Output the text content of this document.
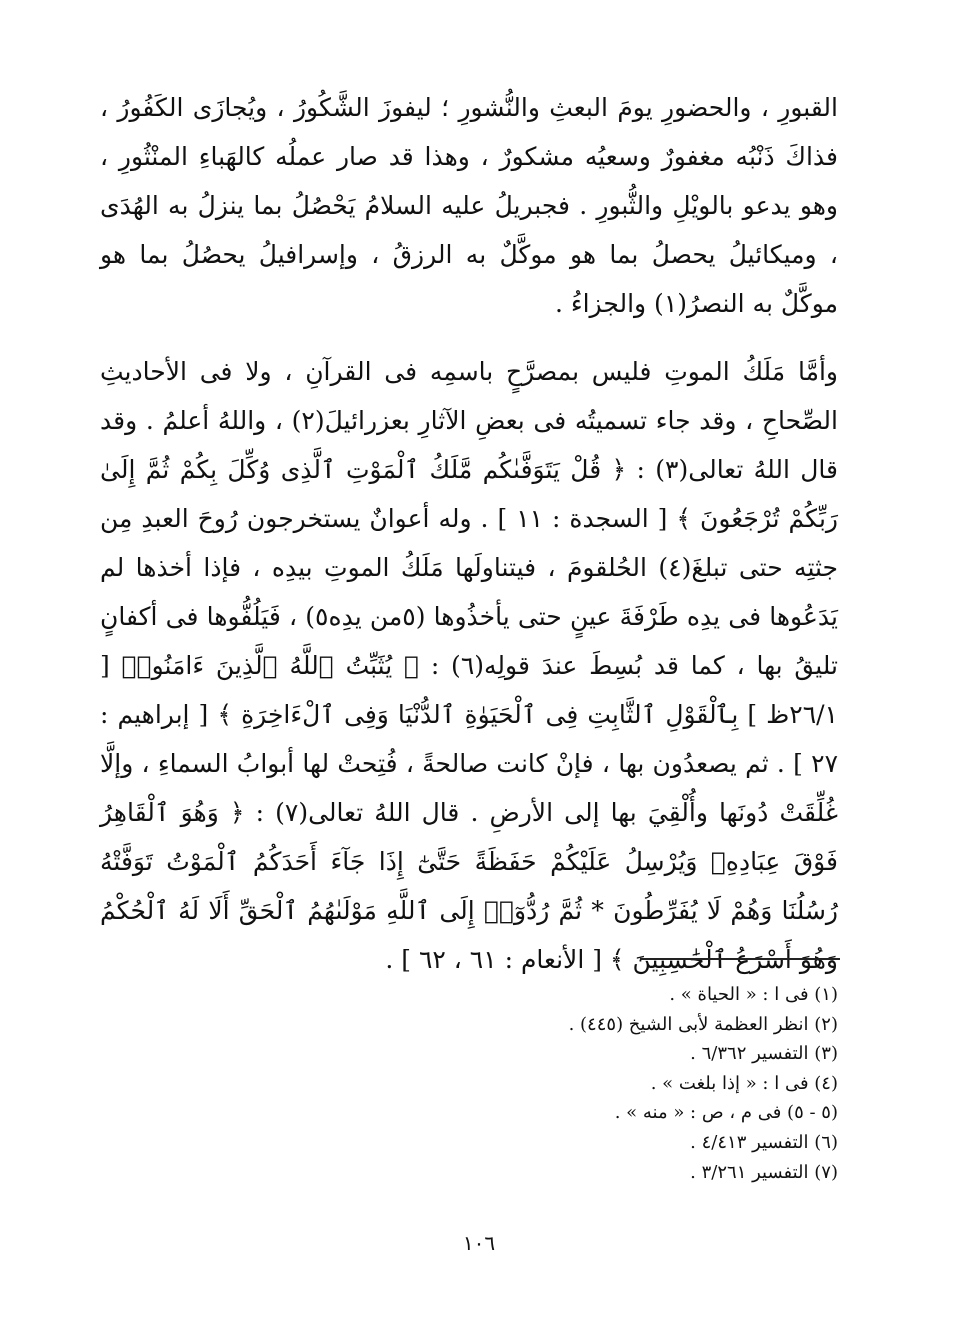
القبورِ ، والحضورِ يومَ البعثِ والنُّشورِ ؛ ليفوزَ الشَّكُورُ ، ويُجازَى الكَفُورُ ، فذاكَ ذَنْبُه مغفورٌ وسعيُه مشكورٌ ، وهذا قد صار عملُه كالهَباءِ المنْثُورِ ، وهو يدعو بالويْلِ والثُّبورِ . فجبريلُ عليه السلامُ يَحْصُلُ بما ينزلُ به الهُدَى ، وميكائيلُ يحصلُ بما هو موكَّلٌ به الرزقُ ، وإسرافيلُ يحصُلُ بما هو موكَّلٌ به النصرُ(١) والجزاءُ .

وأمَّا مَلَكُ الموتِ فليس بمصرَّحٍ باسمِه فى القرآنِ ، ولا فى الأحاديثِ الصِّحاحِ ، وقد جاء تسميتُه فى بعضِ الآثارِ بعزرائيلَ(٢) ، واللهُ أعلمُ . وقد قال اللهُ تعالى(٣) : ﴿ قُلْ يَتَوَفَّىٰكُم مَّلَكُ ٱلْمَوْتِ ٱلَّذِى وُكِّلَ بِكُمْ ثُمَّ إِلَىٰ رَبِّكُمْ تُرْجَعُونَ ﴾ [ السجدة : ١١ ] . وله أعوانٌ يستخرجون رُوحَ العبدِ مِن جثتِه حتى تبلغَ(٤) الحُلقومَ ، فيتناولَها مَلَكُ الموتِ بيدِه ، فإذا أخذها لم يَدَعُوها فى يدِه طَرْفَةَ عينٍ حتى يأخذُوها (٥من يدِه٥) ، فَيَلُفُّوها فى أكفانٍ تليقُ بها ، كما قد بُسِطَ عندَ قولِه(٦) : ﴿ يُثَبِّتُ ٱللَّهُ ٱلَّذِينَ ءَامَنُوا۟ [ ٢٦/١ظ ] بِٱلْقَوْلِ ٱلثَّابِتِ فِى ٱلْحَيَوٰةِ ٱلدُّنْيَا وَفِى ٱلْءَاخِرَةِ ﴾ [ إبراهيم : ٢٧ ] . ثم يصعدُون بها ، فإنْ كانت صالحةً ، فُتِحتْ لها أبوابُ السماءِ ، وإلَّا غُلِّقَتْ دُونَها وأُلْقِيَ بها إلى الأرضِ . قال اللهُ تعالى(٧) : ﴿ وَهُوَ ٱلْقَاهِرُ فَوْقَ عِبَادِهِۦ وَيُرْسِلُ عَلَيْكُمْ حَفَظَةً حَتَّىٰٓ إِذَا جَآءَ أَحَدَكُمُ ٱلْمَوْتُ تَوَفَّتْهُ رُسُلُنَا وَهُمْ لَا يُفَرِّطُونَ * ثُمَّ رُدُّوٓا۟ إِلَى ٱللَّهِ مَوْلَىٰهُمُ ٱلْحَقِّ أَلَا لَهُ ٱلْحُكْمُ وَهُوَ أَسْرَعُ ٱلْحَٰسِبِينَ ﴾ [ الأنعام : ٦١ ، ٦٢ ] .

(١) فى ا : « الحياة » .
(٢) انظر العظمة لأبى الشيخ (٤٤٥) .
(٣) التفسير ٦/٣٦٢ .
(٤) فى ا : « إذا بلغت » .
(٥ - ٥) فى م ، ص : « منه » .
(٦) التفسير ٤/٤١٣ .
(٧) التفسير ٣/٢٦١ .
١٠٦
